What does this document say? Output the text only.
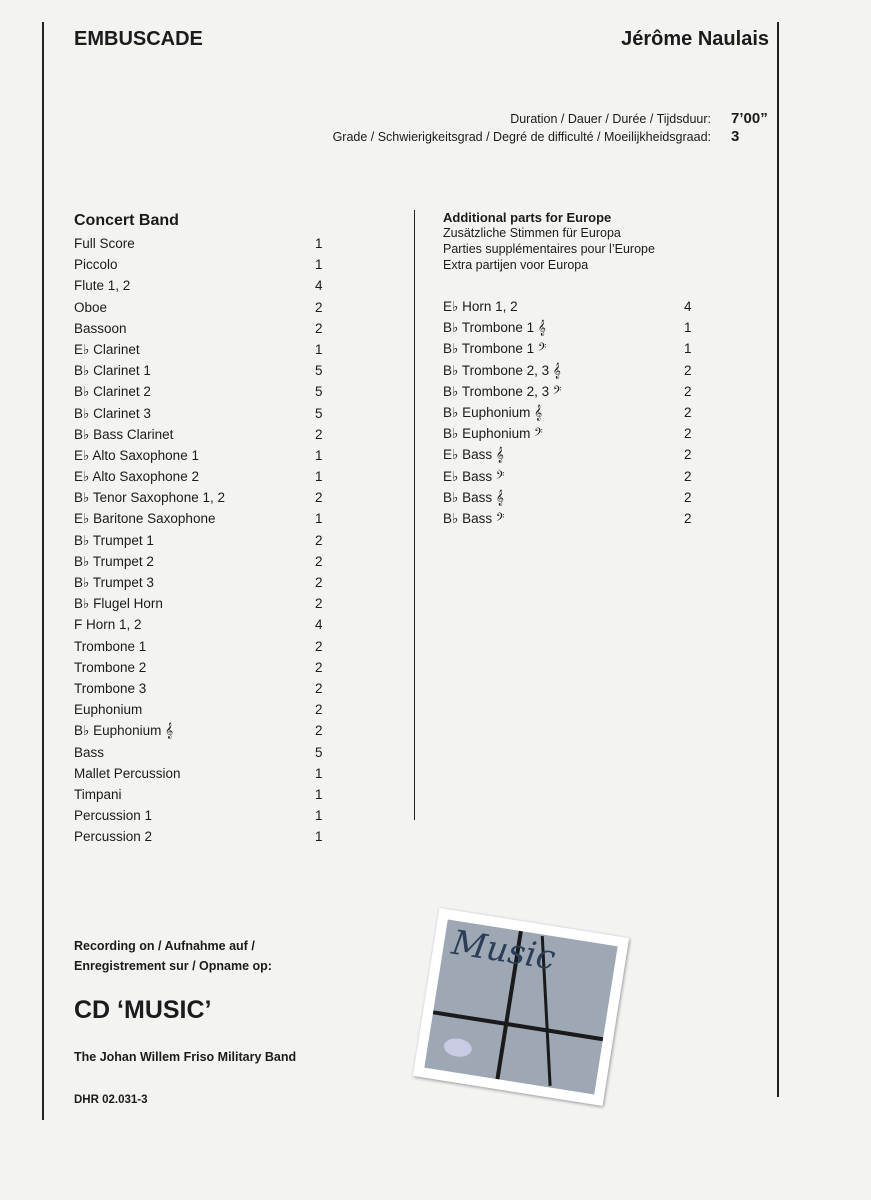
EMBUSCADE	Jérôme Naulais
Duration / Dauer / Durée / Tijdsduur: 7’00”
Grade / Schwierigkeitsgrad / Degré de difficulté / Moeilijkheidsgraad: 3
Concert Band
Full Score	1
Piccolo	1
Flute 1, 2	4
Oboe	2
Bassoon	2
E♭ Clarinet	1
B♭ Clarinet 1	5
B♭ Clarinet 2	5
B♭ Clarinet 3	5
B♭ Bass Clarinet	2
E♭ Alto Saxophone 1	1
E♭ Alto Saxophone 2	1
B♭ Tenor Saxophone 1, 2	2
E♭ Baritone Saxophone	1
B♭ Trumpet 1	2
B♭ Trumpet 2	2
B♭ Trumpet 3	2
B♭ Flugel Horn	2
F Horn 1, 2	4
Trombone 1	2
Trombone 2	2
Trombone 3	2
Euphonium	2
B♭ Euphonium 𝄞	2
Bass	5
Mallet Percussion	1
Timpani	1
Percussion 1	1
Percussion 2	1
Additional parts for Europe
Zusätzliche Stimmen für Europa
Parties supplémentaires pour l’Europe
Extra partijen voor Europa
E♭ Horn 1, 2	4
B♭ Trombone 1 𝄞	1
B♭ Trombone 1 𝄢	1
B♭ Trombone 2, 3 𝄞	2
B♭ Trombone 2, 3 𝄢	2
B♭ Euphonium 𝄞	2
B♭ Euphonium 𝄢	2
E♭ Bass 𝄞	2
E♭ Bass 𝄢	2
B♭ Bass 𝄞	2
B♭ Bass 𝄢	2
Recording on / Aufnahme auf /
Enregistrement sur / Opname op:
CD ‘MUSIC’
The Johan Willem Friso Military Band
DHR 02.031-3
Music
